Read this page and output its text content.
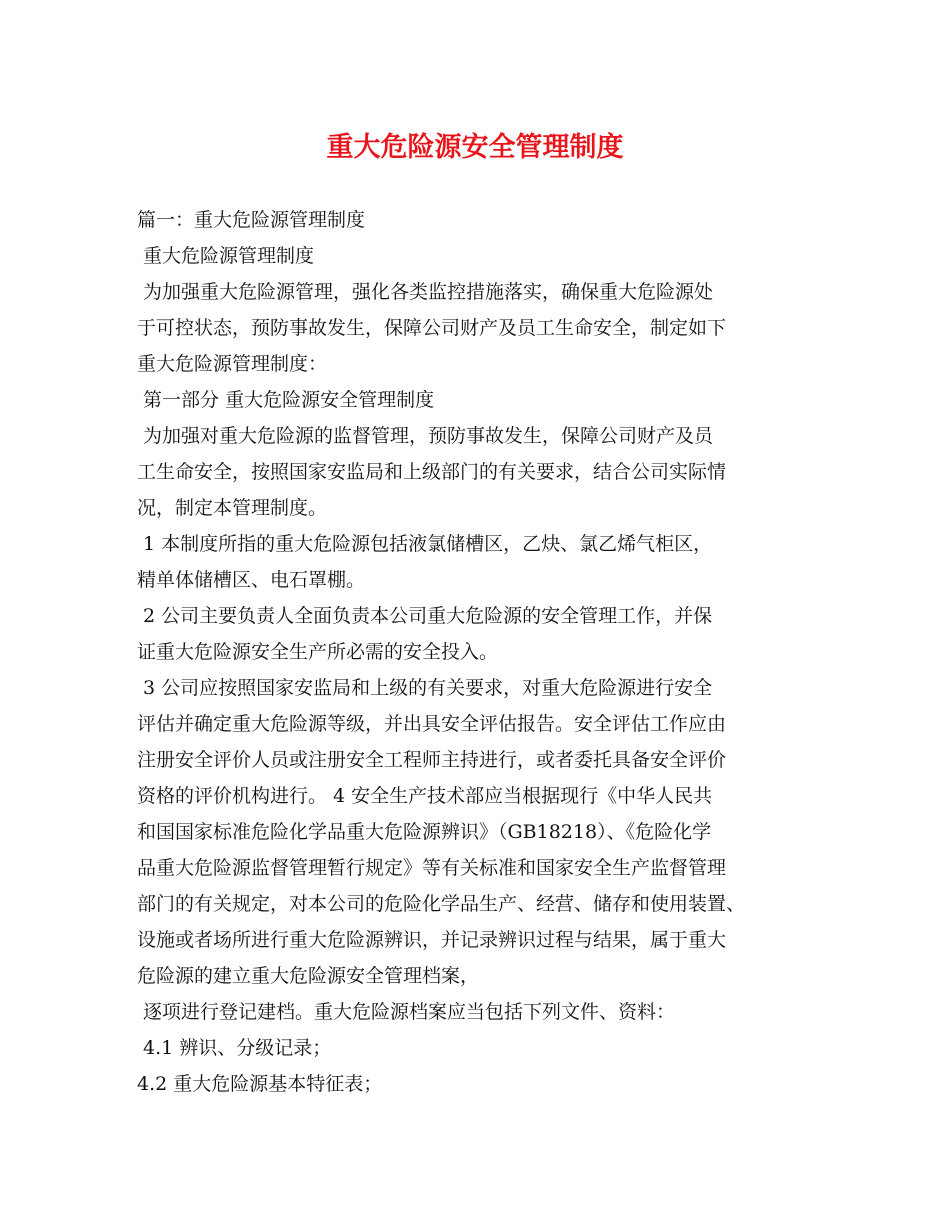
重大危险源安全管理制度
篇一：重大危险源管理制度
重大危险源管理制度
为加强重大危险源管理，强化各类监控措施落实，确保重大危险源处
于可控状态，预防事故发生，保障公司财产及员工生命安全，制定如下
重大危险源管理制度：
第一部分 重大危险源安全管理制度
为加强对重大危险源的监督管理，预防事故发生，保障公司财产及员
工生命安全，按照国家安监局和上级部门的有关要求，结合公司实际情
况，制定本管理制度。
1 本制度所指的重大危险源包括液氯储槽区，乙炔、氯乙烯气柜区，
精单体储槽区、电石罩棚。
2 公司主要负责人全面负责本公司重大危险源的安全管理工作，并保
证重大危险源安全生产所必需的安全投入。
3 公司应按照国家安监局和上级的有关要求，对重大危险源进行安全
评估并确定重大危险源等级，并出具安全评估报告。安全评估工作应由
注册安全评价人员或注册安全工程师主持进行，或者委托具备安全评价
资格的评价机构进行。 4 安全生产技术部应当根据现行《中华人民共
和国国家标准危险化学品重大危险源辨识》（GB18218）、《危险化学
品重大危险源监督管理暂行规定》等有关标准和国家安全生产监督管理
部门的有关规定，对本公司的危险化学品生产、经营、储存和使用装置、
设施或者场所进行重大危险源辨识，并记录辨识过程与结果，属于重大
危险源的建立重大危险源安全管理档案，
逐项进行登记建档。重大危险源档案应当包括下列文件、资料：
4.1 辨识、分级记录；
4.2 重大危险源基本特征表；
